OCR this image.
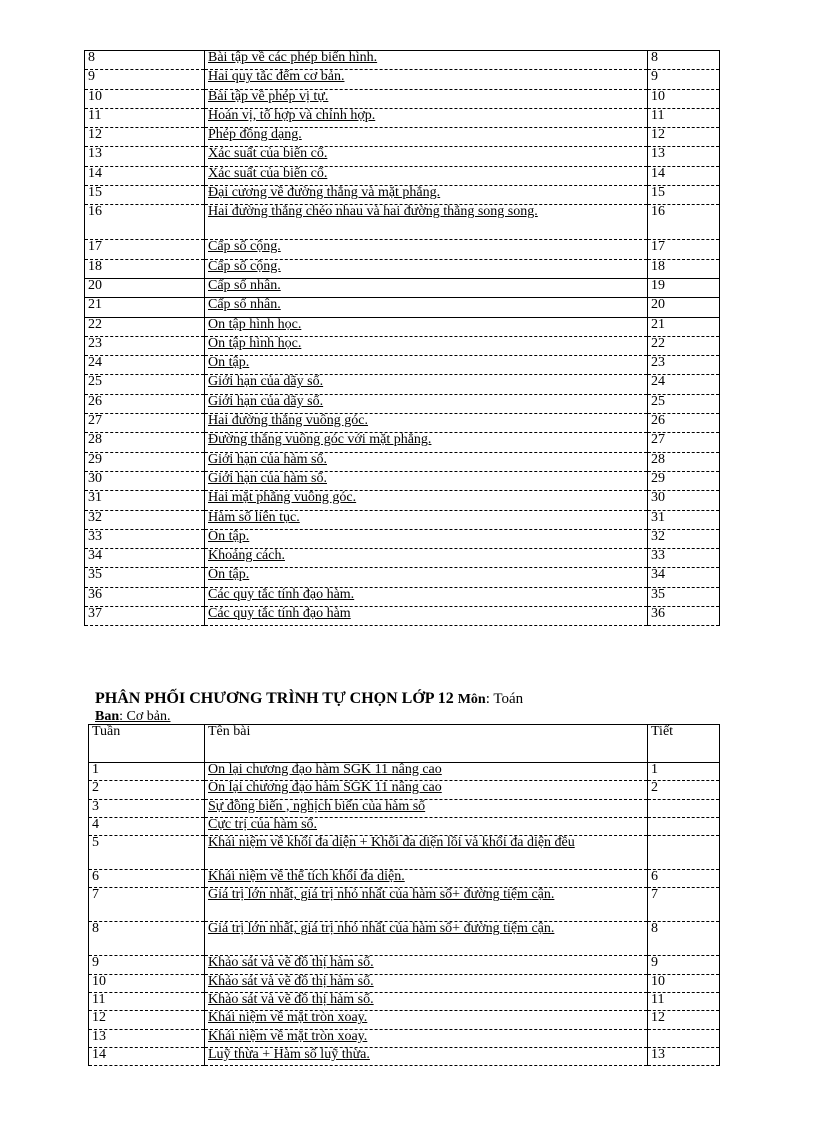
8	Bài tập về các phép biến hình.	8
9	Hai quy tắc đếm cơ bản.	9
10	Bài tập về phép vị tự.	10
11	Hoán vị, tổ hợp và chỉnh hợp.	11
12	Phép đồng dạng.	12
13	Xác suất của biến cố.	13
14	Xác suất của biến cố.	14
15	Đại cương về đường thẳng và mặt phẳng.	15
16	Hai đường thẳng chéo nhau và hai đường thẳng song song.	16
17	Cấp số cộng.	17
18	Cấp số cộng.	18
20	Cấp số nhân.	19
21	Cấp số nhân.	20
22	Ôn tập hình học.	21
23	Ôn tập hình học.	22
24	Ôn tập.	23
25	Giới hạn của dãy số.	24
26	Giới hạn của dãy số.	25
27	Hai đường thẳng vuông góc.	26
28	Đường thẳng vuông góc với mặt phẳng.	27
29	Giới hạn của hàm số.	28
30	Giới hạn của hàm số.	29
31	Hai mặt phẳng vuông góc.	30
32	Hàm số liên tục.	31
33	Ôn tập.	32
34	Khoảng cách.	33
35	Ôn tập.	34
36	Các quy tắc tính đạo hàm.	35
37	Các quy tắc tính đạo hàm	36
PHÂN PHỐI CHƯƠNG TRÌNH TỰ CHỌN LỚP 12 Môn: Toán
Ban: Cơ bản.
Tuần	Tên bài	Tiết
1	Ôn lại chương đạo hàm SGK 11 nâng cao	1
2	Ôn lại chương đạo hàm SGK 11 nâng cao	2
3	Sự đồng biến , nghịch biến của hàm số	
4	Cực trị của hàm số.	
5	Khái niệm về khối đa diện + Khối đa diện lồi và khối đa diện đều	
6	Khái niệm về thể tích khối đa diện.	6
7	Giá trị lớn nhất, giá trị nhỏ nhất của hàm số+ đường tiệm cận.	7
8	Giá trị lớn nhất, giá trị nhỏ nhất của hàm số+ đường tiệm cận.	8
9	Khảo sát và vẽ đồ thị hàm số.	9
10	Khảo sát và vẽ đồ thị hàm số.	10
11	Khảo sát và vẽ đồ thị hàm số.	11
12	Khái niệm về mặt tròn xoay.	12
13	Khái niệm về mặt tròn xoay.	
14	Luỹ thừa + Hàm số luỹ thừa.	13
